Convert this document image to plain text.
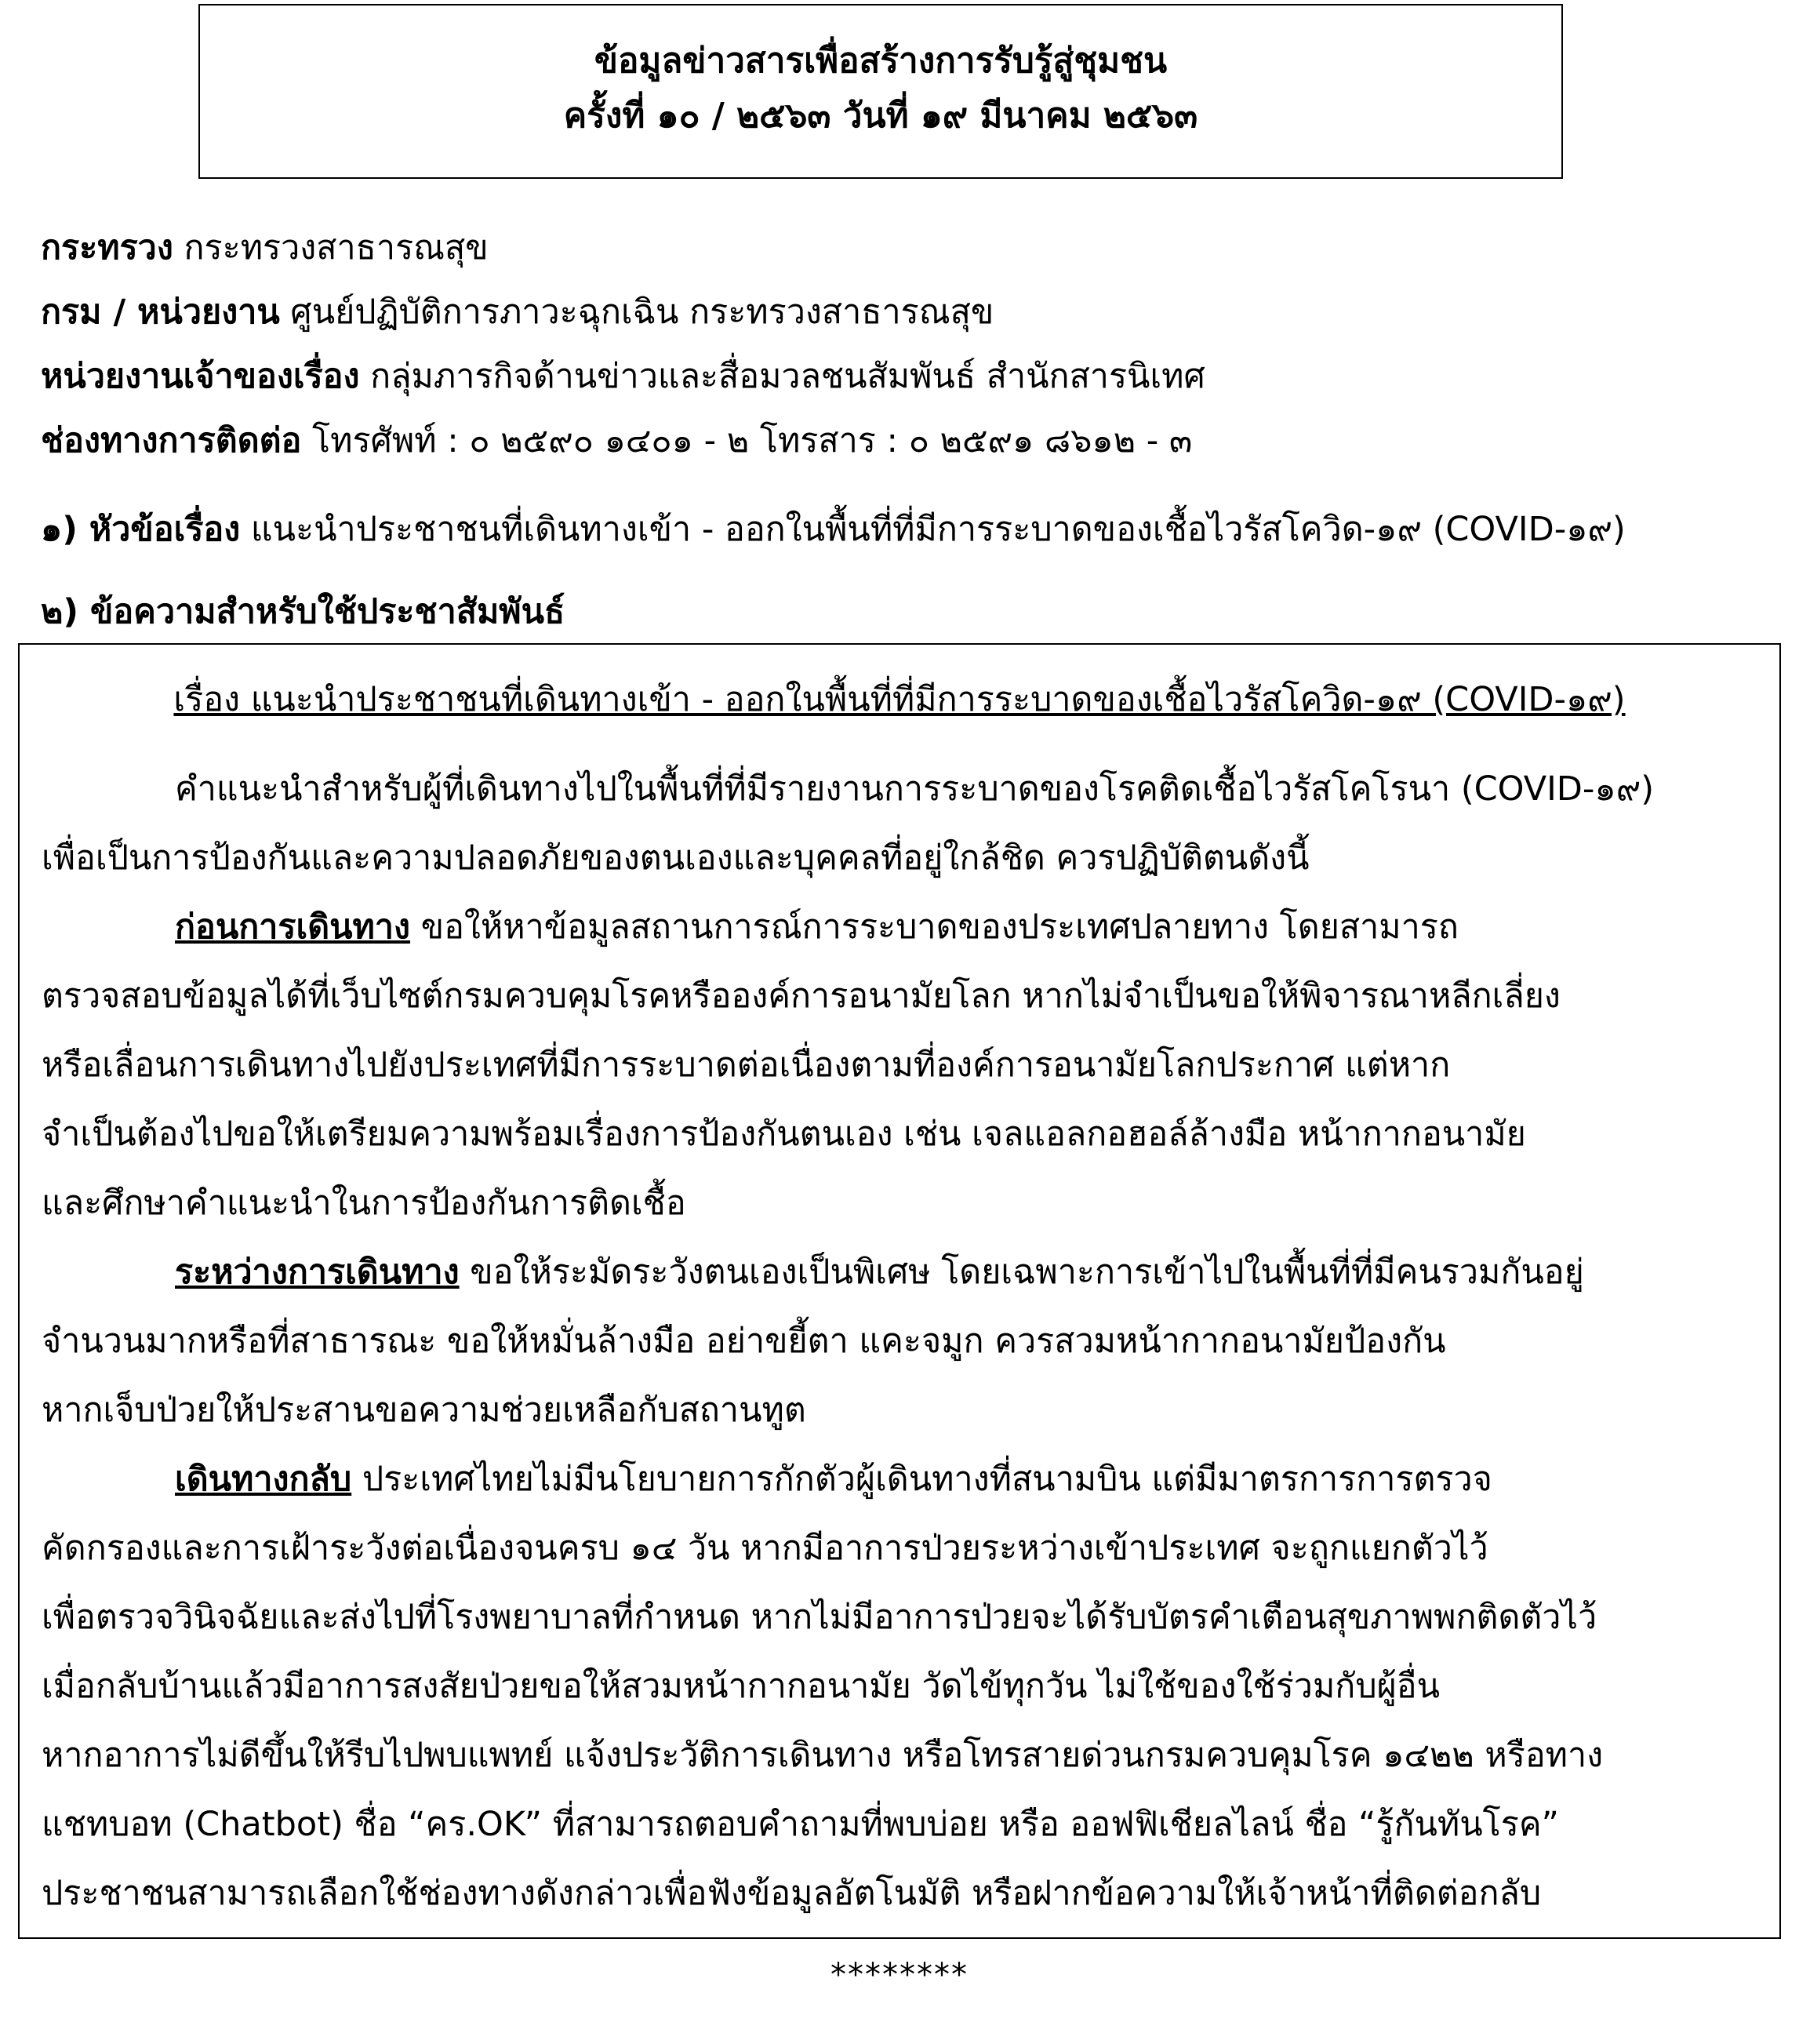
ข้อมูลข่าวสารเพื่อสร้างการรับรู้สู่ชุมชน
ครั้งที่ ๑๐ / ๒๕๖๓ วันที่ ๑๙ มีนาคม ๒๕๖๓
กระทรวง กระทรวงสาธารณสุข
กรม / หน่วยงาน ศูนย์ปฏิบัติการภาวะฉุกเฉิน กระทรวงสาธารณสุข
หน่วยงานเจ้าของเรื่อง กลุ่มภารกิจด้านข่าวและสื่อมวลชนสัมพันธ์ สำนักสารนิเทศ
ช่องทางการติดต่อ โทรศัพท์ : ๐ ๒๕๙๐ ๑๔๐๑ - ๒ โทรสาร : ๐ ๒๕๙๑ ๘๖๑๒ - ๓
๑) หัวข้อเรื่อง แนะนำประชาชนที่เดินทางเข้า - ออกในพื้นที่ที่มีการระบาดของเชื้อไวรัสโควิด-๑๙ (COVID-๑๙)
๒) ข้อความสำหรับใช้ประชาสัมพันธ์
เรื่อง แนะนำประชาชนที่เดินทางเข้า - ออกในพื้นที่ที่มีการระบาดของเชื้อไวรัสโควิด-๑๙ (COVID-๑๙)
คำแนะนำสำหรับผู้ที่เดินทางไปในพื้นที่ที่มีรายงานการระบาดของโรคติดเชื้อไวรัสโคโรนา (COVID-๑๙)
เพื่อเป็นการป้องกันและความปลอดภัยของตนเองและบุคคลที่อยู่ใกล้ชิด ควรปฏิบัติตนดังนี้
ก่อนการเดินทาง ขอให้หาข้อมูลสถานการณ์การระบาดของประเทศปลายทาง โดยสามารถ
ตรวจสอบข้อมูลได้ที่เว็บไซต์กรมควบคุมโรคหรือองค์การอนามัยโลก หากไม่จำเป็นขอให้พิจารณาหลีกเลี่ยง
หรือเลื่อนการเดินทางไปยังประเทศที่มีการระบาดต่อเนื่องตามที่องค์การอนามัยโลกประกาศ แต่หาก
จำเป็นต้องไปขอให้เตรียมความพร้อมเรื่องการป้องกันตนเอง เช่น เจลแอลกอฮอล์ล้างมือ หน้ากากอนามัย
และศึกษาคำแนะนำในการป้องกันการติดเชื้อ
ระหว่างการเดินทาง ขอให้ระมัดระวังตนเองเป็นพิเศษ โดยเฉพาะการเข้าไปในพื้นที่ที่มีคนรวมกันอยู่
จำนวนมากหรือที่สาธารณะ ขอให้หมั่นล้างมือ อย่าขยี้ตา แคะจมูก ควรสวมหน้ากากอนามัยป้องกัน
หากเจ็บป่วยให้ประสานขอความช่วยเหลือกับสถานทูต
เดินทางกลับ ประเทศไทยไม่มีนโยบายการกักตัวผู้เดินทางที่สนามบิน แต่มีมาตรการการตรวจ
คัดกรองและการเฝ้าระวังต่อเนื่องจนครบ ๑๔ วัน หากมีอาการป่วยระหว่างเข้าประเทศ จะถูกแยกตัวไว้
เพื่อตรวจวินิจฉัยและส่งไปที่โรงพยาบาลที่กำหนด หากไม่มีอาการป่วยจะได้รับบัตรคำเตือนสุขภาพพกติดตัวไว้
เมื่อกลับบ้านแล้วมีอาการสงสัยป่วยขอให้สวมหน้ากากอนามัย วัดไข้ทุกวัน ไม่ใช้ของใช้ร่วมกับผู้อื่น
หากอาการไม่ดีขึ้นให้รีบไปพบแพทย์ แจ้งประวัติการเดินทาง หรือโทรสายด่วนกรมควบคุมโรค ๑๔๒๒ หรือทาง
แชทบอท (Chatbot) ชื่อ “คร.OK” ที่สามารถตอบคำถามที่พบบ่อย หรือ ออฟฟิเชียลไลน์ ชื่อ “รู้กันทันโรค”
ประชาชนสามารถเลือกใช้ช่องทางดังกล่าวเพื่อฟังข้อมูลอัตโนมัติ หรือฝากข้อความให้เจ้าหน้าที่ติดต่อกลับ
********
